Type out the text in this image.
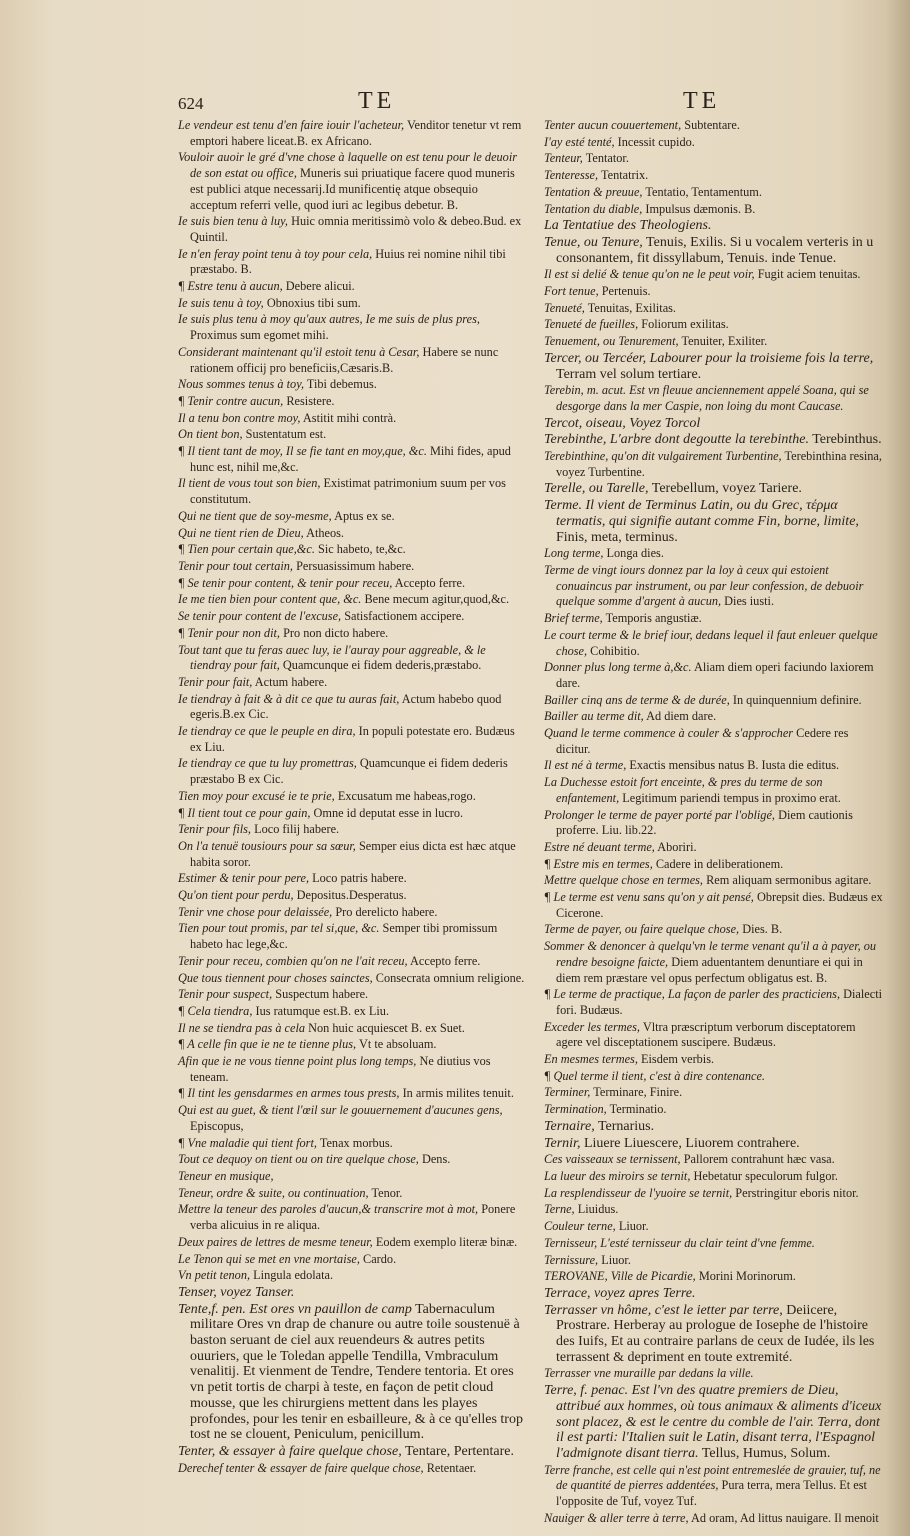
624	TE	TE

Le vendeur est tenu d'en faire iouir l'acheteur, Venditor tenetur vt rem emptori habere liceat.B. ex Africano.

Vouloir auoir le gré d'vne chose à laquelle on est tenu pour le deuoir de son estat ou office, Muneris sui priuatique facere quod muneris est publici atque necessarij.Id munificentię atque obsequio acceptum referri velle, quod iuri ac legibus debetur. B.

Ie suis bien tenu à luy, Huic omnia meritissimò volo & debeo.Bud. ex Quintil.

Ie n'en feray point tenu à toy pour cela, Huius rei nomine nihil tibi præstabo. B.

¶ Estre tenu à aucun, Debere alicui.

Ie suis tenu à toy, Obnoxius tibi sum.

Ie suis plus tenu à moy qu'aux autres, Ie me suis de plus pres, Proximus sum egomet mihi.

Considerant maintenant qu'il estoit tenu à Cesar, Habere se nunc rationem officij pro beneficiis,Cæsaris.B.

Nous sommes tenus à toy, Tibi debemus.

¶ Tenir contre aucun, Resistere.

Il a tenu bon contre moy, Astitit mihi contrà.

On tient bon, Sustentatum est.

¶ Il tient tant de moy, Il se fie tant en moy,que, &c. Mihi fides, apud hunc est, nihil me,&c.

Il tient de vous tout son bien, Existimat patrimonium suum per vos constitutum.

Qui ne tient que de soy-mesme, Aptus ex se.

Qui ne tient rien de Dieu, Atheos.

¶ Tien pour certain que,&c. Sic habeto, te,&c.

Tenir pour tout certain, Persuasissimum habere.

¶ Se tenir pour content, & tenir pour receu, Accepto ferre.

Ie me tien bien pour content que, &c. Bene mecum agitur,quod,&c.

Se tenir pour content de l'excuse, Satisfactionem accipere.

¶ Tenir pour non dit, Pro non dicto habere.

Tout tant que tu feras auec luy, ie l'auray pour aggreable, & le tiendray pour fait, Quamcunque ei fidem dederis,præstabo.

Tenir pour fait, Actum habere.

Ie tiendray à fait & à dit ce que tu auras fait, Actum habebo quod egeris.B.ex Cic.

Ie tiendray ce que le peuple en dira, In populi potestate ero. Budæus ex Liu.

Ie tiendray ce que tu luy promettras, Quamcunque ei fidem dederis præstabo B ex Cic.

Tien moy pour excusé ie te prie, Excusatum me habeas,rogo.

¶ Il tient tout ce pour gain, Omne id deputat esse in lucro.

Tenir pour fils, Loco filij habere.

On l'a tenuë tousiours pour sa sœur, Semper eius dicta est hæc atque habita soror.

Estimer & tenir pour pere, Loco patris habere.

Qu'on tient pour perdu, Depositus.Desperatus.

Tenir vne chose pour delaissée, Pro derelicto habere.

Tien pour tout promis, par tel si,que, &c. Semper tibi promissum habeto hac lege,&c.

Tenir pour receu, combien qu'on ne l'ait receu, Accepto ferre.

Que tous tiennent pour choses sainctes, Consecrata omnium religione.

Tenir pour suspect, Suspectum habere.

¶ Cela tiendra, Ius ratumque est.B. ex Liu.

Il ne se tiendra pas à cela Non huic acquiescet B. ex Suet.

¶ A celle fin que ie ne te tienne plus, Vt te absoluam.

Afin que ie ne vous tienne point plus long temps, Ne diutius vos teneam.

¶ Il tint les gensdarmes en armes tous prests, In armis milites tenuit.

Qui est au guet, & tient l'œil sur le gouuernement d'aucunes gens, Episcopus,

¶ Vne maladie qui tient fort, Tenax morbus.

Tout ce dequoy on tient ou on tire quelque chose, Dens.

Teneur en musique,

Teneur, ordre & suite, ou continuation, Tenor.

Mettre la teneur des paroles d'aucun,& transcrire mot à mot, Ponere verba alicuius in re aliqua.

Deux paires de lettres de mesme teneur, Eodem exemplo literæ binæ.

Le Tenon qui se met en vne mortaise, Cardo.

Vn petit tenon, Lingula edolata.

Tenser, voyez Tanser.

Tente,f. pen. Est ores vn pauillon de camp Tabernaculum militare Ores vn drap de chanure ou autre toile soustenuë à baston seruant de ciel aux reuendeurs & autres petits ouuriers, que le Toledan appelle Tendilla, Vmbraculum venalitij. Et vienment de Tendre, Tendere tentoria. Et ores vn petit tortis de charpi à teste, en façon de petit cloud mousse, que les chirurgiens mettent dans les playes profondes, pour les tenir en esbailleure, & à ce qu'elles trop tost ne se clouent, Peniculum, penicillum.

Tenter, & essayer à faire quelque chose, Tentare, Pertentare.

Derechef tenter & essayer de faire quelque chose, Retentaer.

Tenter aucun couuertement, Subtentare.

I'ay esté tenté, Incessit cupido.

Tenteur, Tentator.

Tenteresse, Tentatrix.

Tentation & preuue, Tentatio, Tentamentum.

Tentation du diable, Impulsus dæmonis. B.

La Tentatiue des Theologiens.

Tenue, ou Tenure, Tenuis, Exilis. Si u vocalem verteris in u consonantem, fit dissyllabum, Tenuis. inde Tenue.

Il est si delié & tenue qu'on ne le peut voir, Fugit aciem tenuitas.

Fort tenue, Pertenuis.

Tenueté, Tenuitas, Exilitas.

Tenueté de fueilles, Foliorum exilitas.

Tenuement, ou Tenurement, Tenuiter, Exiliter.

Tercer, ou Tercéer, Labourer pour la troisieme fois la terre, Terram vel solum tertiare.

Terebin, m. acut. Est vn fleuue anciennement appelé Soana, qui se desgorge dans la mer Caspie, non loing du mont Caucase.

Tercot, oiseau, Voyez Torcol

Terebinthe, L'arbre dont degoutte la terebinthe. Terebinthus.

Terebinthine, qu'on dit vulgairement Turbentine, Terebinthina resina, voyez Turbentine.

Terelle, ou Tarelle, Terebellum, voyez Tariere.

Terme. Il vient de Terminus Latin, ou du Grec, τέρμα termatis, qui signifie autant comme Fin, borne, limite, Finis, meta, terminus.

Long terme, Longa dies.

Terme de vingt iours donnez par la loy à ceux qui estoient conuaincus par instrument, ou par leur confession, de debuoir quelque somme d'argent à aucun, Dies iusti.

Brief terme, Temporis angustiæ.

Le court terme & le brief iour, dedans lequel il faut enleuer quelque chose, Cohibitio.

Donner plus long terme à,&c. Aliam diem operi faciundo laxiorem dare.

Bailler cinq ans de terme & de durée, In quinquennium definire.

Bailler au terme dit, Ad diem dare.

Quand le terme commence à couler & s'approcher Cedere res dicitur.

Il est né à terme, Exactis mensibus natus B. Iusta die editus.

La Duchesse estoit fort enceinte, & pres du terme de son enfantement, Legitimum pariendi tempus in proximo erat.

Prolonger le terme de payer porté par l'obligé, Diem cautionis proferre. Liu. lib.22.

Estre né deuant terme, Aboriri.

¶ Estre mis en termes, Cadere in deliberationem.

Mettre quelque chose en termes, Rem aliquam sermonibus agitare.

¶ Le terme est venu sans qu'on y ait pensé, Obrepsit dies. Budæus ex Cicerone.

Terme de payer, ou faire quelque chose, Dies. B.

Sommer & denoncer à quelqu'vn le terme venant qu'il a à payer, ou rendre besoigne faicte, Diem aduentantem denuntiare ei qui in diem rem præstare vel opus perfectum obligatus est. B.

¶ Le terme de practique, La façon de parler des practiciens, Dialecti fori. Budæus.

Exceder les termes, Vltra præscriptum verborum disceptatorem agere vel disceptationem suscipere. Budæus.

En mesmes termes, Eisdem verbis.

¶ Quel terme il tient, c'est à dire contenance.

Terminer, Terminare, Finire.

Termination, Terminatio.

Ternaire, Ternarius.

Ternir, Liuere Liuescere, Liuorem contrahere.

Ces vaisseaux se ternissent, Pallorem contrahunt hæc vasa.

La lueur des miroirs se ternit, Hebetatur speculorum fulgor.

La resplendisseur de l'yuoire se ternit, Perstringitur eboris nitor.

Terne, Liuidus.

Couleur terne, Liuor.

Ternisseur, L'esté ternisseur du clair teint d'vne femme.

Ternissure, Liuor.

TEROVANE, Ville de Picardie, Morini Morinorum.

Terrace, voyez apres Terre.

Terrasser vn hôme, c'est le ietter par terre, Deiicere, Prostrare. Herberay au prologue de Iosephe de l'histoire des Iuifs, Et au contraire parlans de ceux de Iudée, ils les terrassent & depriment en toute extremité.

Terrasser vne muraille par dedans la ville.

Terre, f. penac. Est l'vn des quatre premiers de Dieu, attribué aux hommes, où tous animaux & aliments d'iceux sont placez, & est le centre du comble de l'air. Terra, dont il est parti: l'Italien suit le Latin, disant terra, l'Espagnol l'admignote disant tierra. Tellus, Humus, Solum.

Terre franche, est celle qui n'est point entremeslée de grauier, tuf, ne de quantité de pierres addentées, Pura terra, mera Tellus. Et est l'opposite de Tuf, voyez Tuf.

Nauiger & aller terre à terre, Ad oram, Ad littus nauigare. Il menoit
